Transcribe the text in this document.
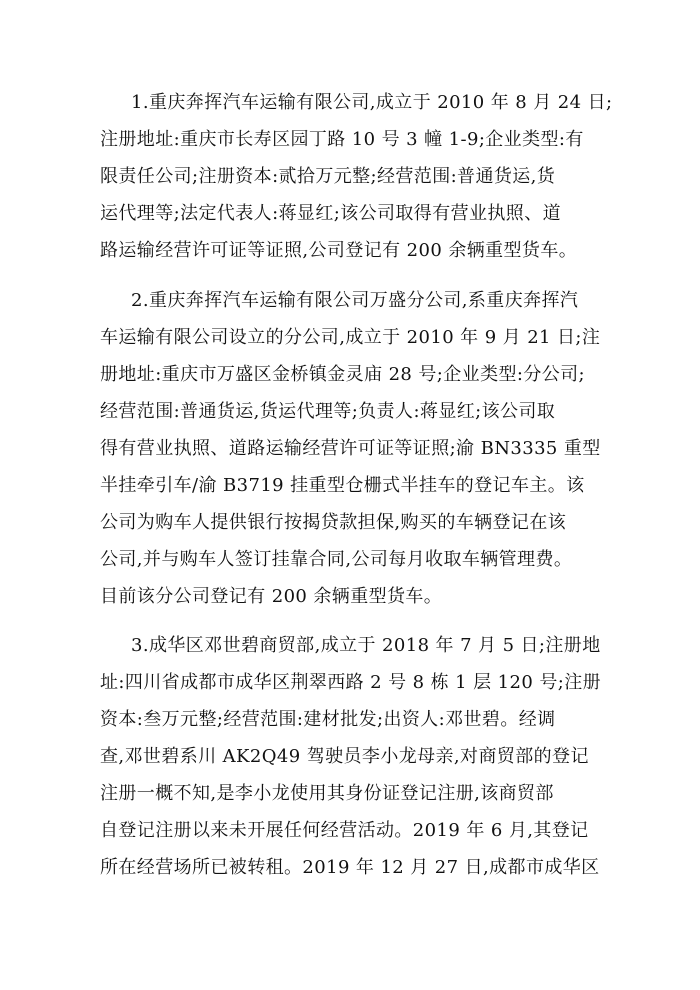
1.重庆奔挥汽车运输有限公司,成立于 2010 年 8 月 24 日;
注册地址:重庆市长寿区园丁路 10 号 3 幢 1-9;企业类型:有
限责任公司;注册资本:贰拾万元整;经营范围:普通货运,货
运代理等;法定代表人:蒋显红;该公司取得有营业执照、道
路运输经营许可证等证照,公司登记有 200 余辆重型货车。
2.重庆奔挥汽车运输有限公司万盛分公司,系重庆奔挥汽
车运输有限公司设立的分公司,成立于 2010 年 9 月 21 日;注
册地址:重庆市万盛区金桥镇金灵庙 28 号;企业类型:分公司;
经营范围:普通货运,货运代理等;负责人:蒋显红;该公司取
得有营业执照、道路运输经营许可证等证照;渝 BN3335 重型
半挂牵引车/渝 B3719 挂重型仓栅式半挂车的登记车主。该
公司为购车人提供银行按揭贷款担保,购买的车辆登记在该
公司,并与购车人签订挂靠合同,公司每月收取车辆管理费。
目前该分公司登记有 200 余辆重型货车。
3.成华区邓世碧商贸部,成立于 2018 年 7 月 5 日;注册地
址:四川省成都市成华区荆翠西路 2 号 8 栋 1 层 120 号;注册
资本:叁万元整;经营范围:建材批发;出资人:邓世碧。经调
查,邓世碧系川 AK2Q49 驾驶员李小龙母亲,对商贸部的登记
注册一概不知,是李小龙使用其身份证登记注册,该商贸部
自登记注册以来未开展任何经营活动。2019 年 6 月,其登记
所在经营场所已被转租。2019 年 12 月 27 日,成都市成华区
